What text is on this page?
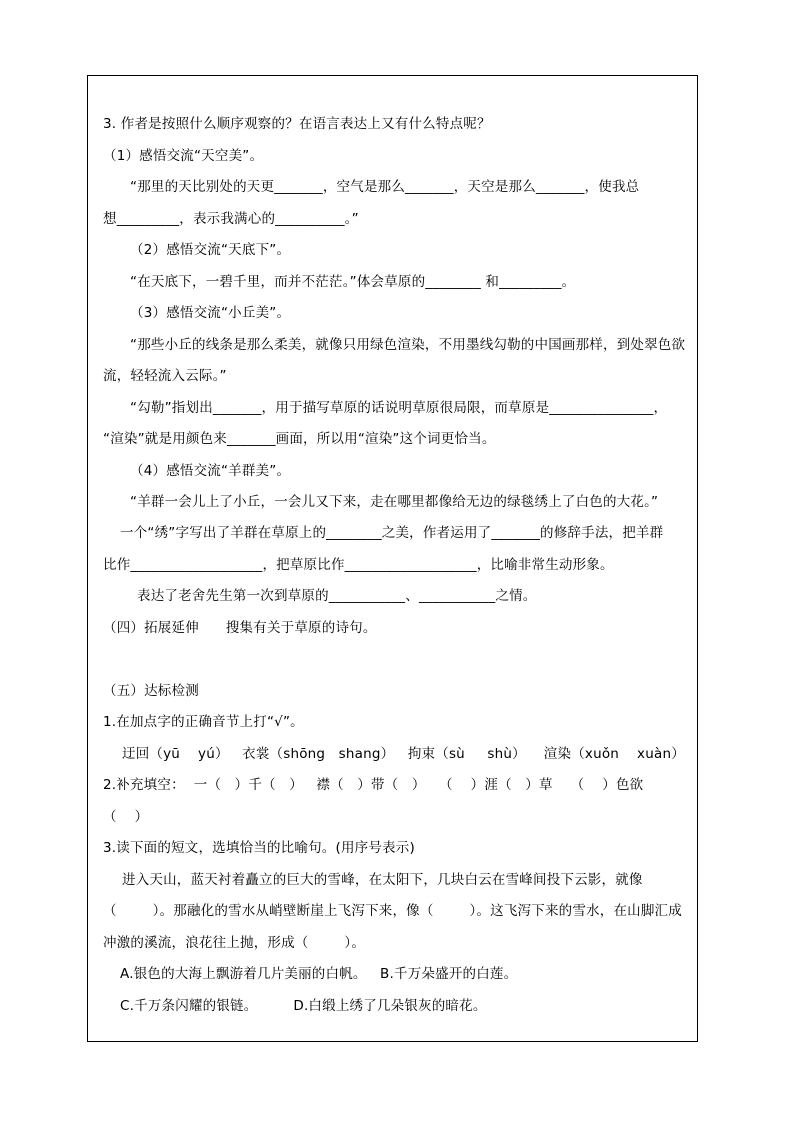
3. 作者是按照什么顺序观察的？在语言表达上又有什么特点呢？
（1）感悟交流“天空美”。
“那里的天比别处的天更_______，空气是那么_______，天空是那么_______，使我总
想_________，表示我满心的__________。”
（2）感悟交流“天底下”。
“在天底下，一碧千里，而并不茫茫。”体会草原的________ 和_________。
（3）感悟交流“小丘美”。
“那些小丘的线条是那么柔美，就像只用绿色渲染，不用墨线勾勒的中国画那样，到处翠色欲
流，轻轻流入云际。”
“勾勒”指划出_______，用于描写草原的话说明草原很局限，而草原是_______________，
“渲染”就是用颜色来_______画面，所以用“渲染”这个词更恰当。
（4）感悟交流“羊群美”。
“羊群一会儿上了小丘，一会儿又下来，走在哪里都像给无边的绿毯绣上了白色的大花。”
一个“绣”字写出了羊群在草原上的________之美，作者运用了_______的修辞手法，把羊群
比作___________________，把草原比作___________________，比喻非常生动形象。
表达了老舍先生第一次到草原的___________、___________之情。
（四）拓展延伸      搜集有关于草原的诗句。
（五）达标检测
1.在加点字的正确音节上打“√”。
迂回（yū    yú）   衣裳（shōng   shang）   拘束（sù     shù）    渲染（xuǒn    xuàn）
2.补充填空：  一（   ）千（   ）   襟（   ）带（   ）   （    ）涯（   ）草    （    ）色欲
（    ）
3.读下面的短文，选填恰当的比喻句。(用序号表示)
进入天山，蓝天衬着矗立的巨大的雪峰，在太阳下，几块白云在雪峰间投下云影，就像
（        ）。那融化的雪水从峭壁断崖上飞泻下来，像（        ）。这飞泻下来的雪水，在山脚汇成
冲激的溪流，浪花往上抛，形成（        ）。
A.银色的大海上飘游着几片美丽的白帆。   B.千万朵盛开的白莲。
C.千万条闪耀的银链。        D.白缎上绣了几朵银灰的暗花。
